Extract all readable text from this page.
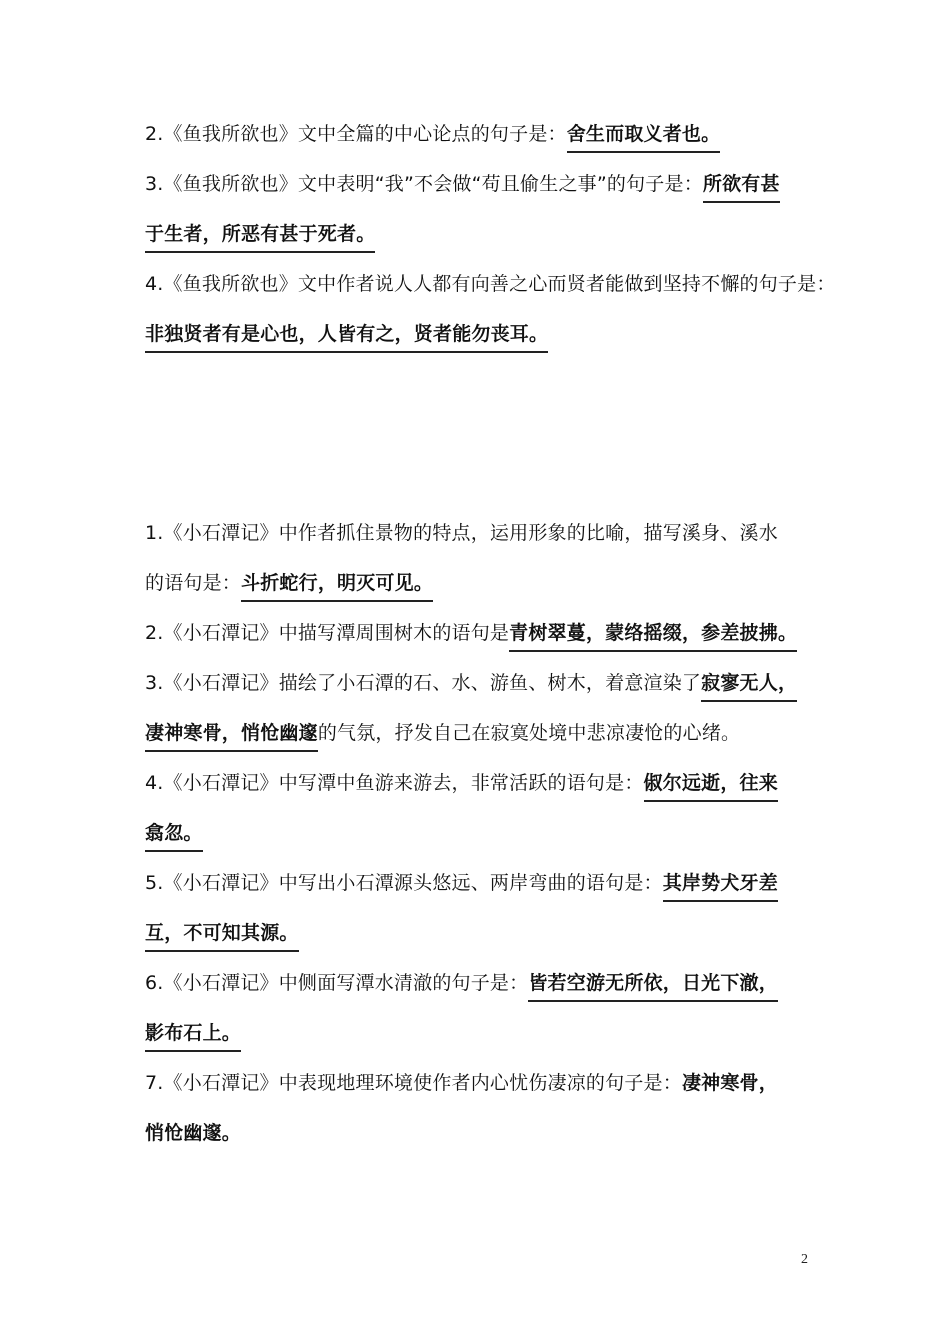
2.《鱼我所欲也》文中全篇的中心论点的句子是：舍生而取义者也。
3.《鱼我所欲也》文中表明“我”不会做“苟且偷生之事”的句子是：所欲有甚
于生者，所恶有甚于死者。
4.《鱼我所欲也》文中作者说人人都有向善之心而贤者能做到坚持不懈的句子是：
非独贤者有是心也，人皆有之，贤者能勿丧耳。
1.《小石潭记》中作者抓住景物的特点，运用形象的比喻，描写溪身、溪水
的语句是：斗折蛇行，明灭可见。
2.《小石潭记》中描写潭周围树木的语句是青树翠蔓，蒙络摇缀，参差披拂。
3.《小石潭记》描绘了小石潭的石、水、游鱼、树木，着意渲染了寂寥无人，
凄神寒骨，悄怆幽邃的气氛，抒发自己在寂寞处境中悲凉凄怆的心绪。
4.《小石潭记》中写潭中鱼游来游去，非常活跃的语句是：俶尔远逝，往来
翕忽。
5.《小石潭记》中写出小石潭源头悠远、两岸弯曲的语句是：其岸势犬牙差
互，不可知其源。
6.《小石潭记》中侧面写潭水清澈的句子是：皆若空游无所依，日光下澈，
影布石上。
7.《小石潭记》中表现地理环境使作者内心忧伤凄凉的句子是：凄神寒骨，
悄怆幽邃。
2
